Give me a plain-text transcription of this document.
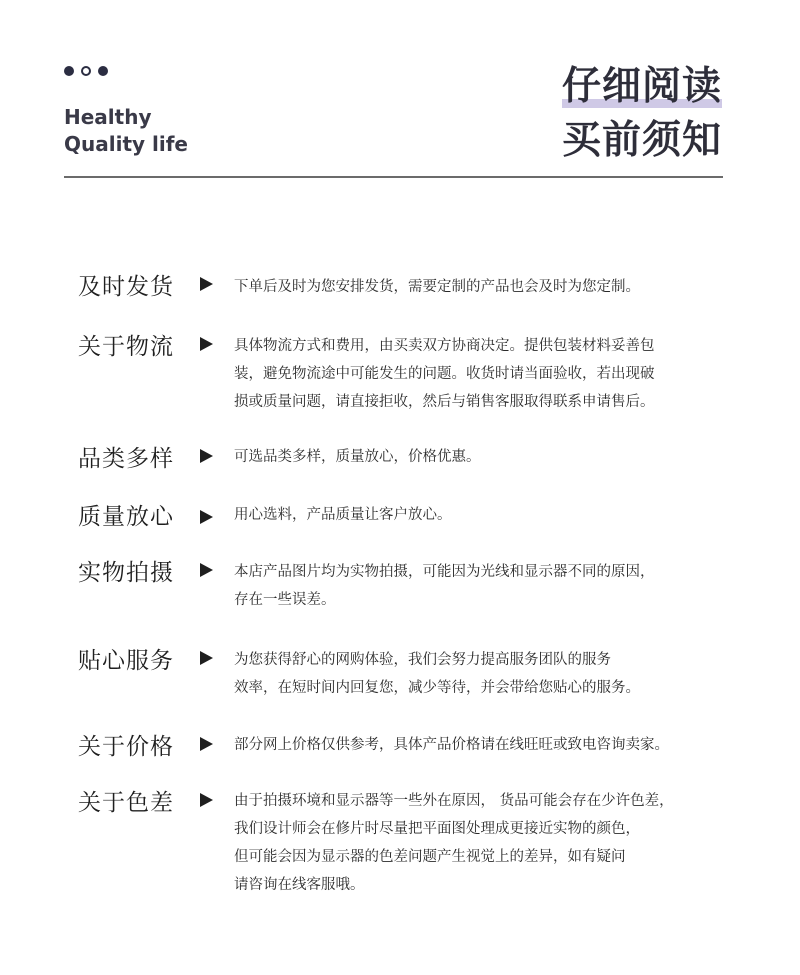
Healthy
Quality life
仔细阅读
买前须知
及时发货	下单后及时为您安排发货，需要定制的产品也会及时为您定制。
关于物流	具体物流方式和费用，由买卖双方协商决定。提供包装材料妥善包
装，避免物流途中可能发生的问题。收货时请当面验收，若出现破
损或质量问题，请直接拒收，然后与销售客服取得联系申请售后。
品类多样	可选品类多样，质量放心，价格优惠。
质量放心	用心选料，产品质量让客户放心。
实物拍摄	本店产品图片均为实物拍摄，可能因为光线和显示器不同的原因，
存在一些误差。
贴心服务	为您获得舒心的网购体验，我们会努力提高服务团队的服务
效率，在短时间内回复您，减少等待，并会带给您贴心的服务。
关于价格	部分网上价格仅供参考，具体产品价格请在线旺旺或致电咨询卖家。
关于色差	由于拍摄环境和显示器等一些外在原因， 货品可能会存在少许色差，
我们设计师会在修片时尽量把平面图处理成更接近实物的颜色，
但可能会因为显示器的色差问题产生视觉上的差异，如有疑问
请咨询在线客服哦。
